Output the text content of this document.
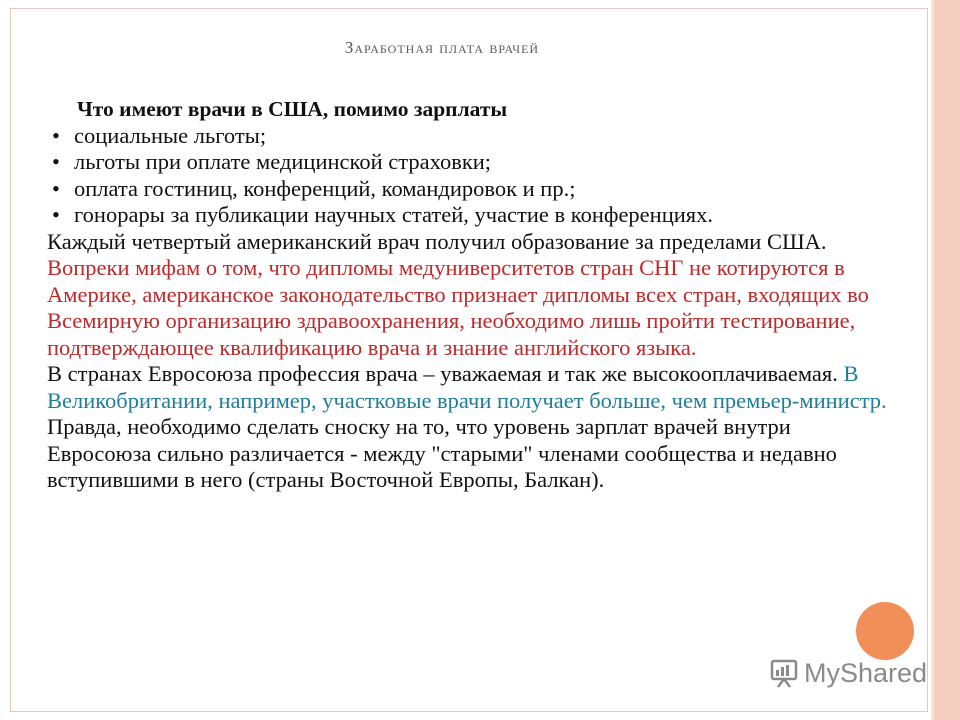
Заработная плата врачей
Что имеют врачи в США, помимо зарплаты
• социальные льготы;
• льготы при оплате медицинской страховки;
• оплата гостиниц, конференций, командировок и пр.;
• гонорары за публикации научных статей, участие в конференциях.
Каждый четвертый американский врач получил образование за пределами США. Вопреки мифам о том, что дипломы медуниверситетов стран СНГ не котируются в Америке, американское законодательство признает дипломы всех стран, входящих во Всемирную организацию здравоохранения, необходимо лишь пройти тестирование, подтверждающее квалификацию врача и знание английского языка.
В странах Евросоюза профессия врача – уважаемая и так же высокооплачиваемая. В Великобритании, например, участковые врачи получает больше, чем премьер-министр.
Правда, необходимо сделать сноску на то, что уровень зарплат врачей внутри Евросоюза сильно различается - между "старыми" членами сообщества и недавно вступившими в него (страны Восточной Европы, Балкан).
MyShared
